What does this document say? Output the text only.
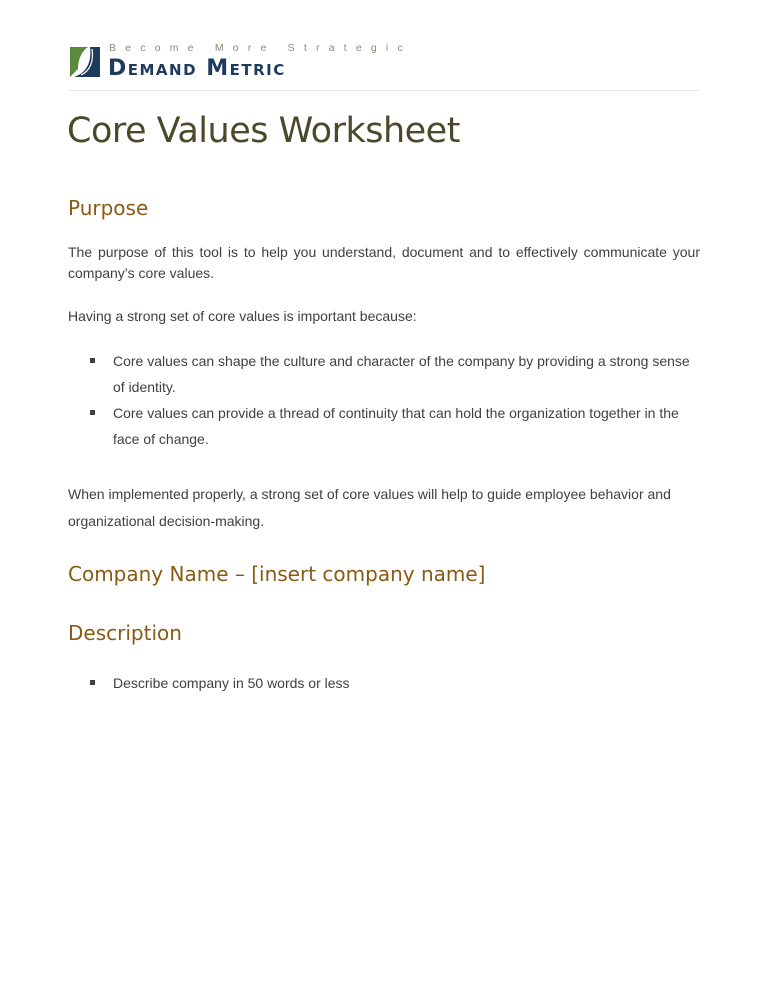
Become More Strategic
Demand Metric
Core Values Worksheet
Purpose
The purpose of this tool is to help you understand, document and to effectively communicate your company’s core values.
Having a strong set of core values is important because:
Core values can shape the culture and character of the company by providing a strong sense of identity.
Core values can provide a thread of continuity that can hold the organization together in the face of change.
When implemented properly, a strong set of core values will help to guide employee behavior and organizational decision-making.
Company Name – [insert company name]
Description
Describe company in 50 words or less
